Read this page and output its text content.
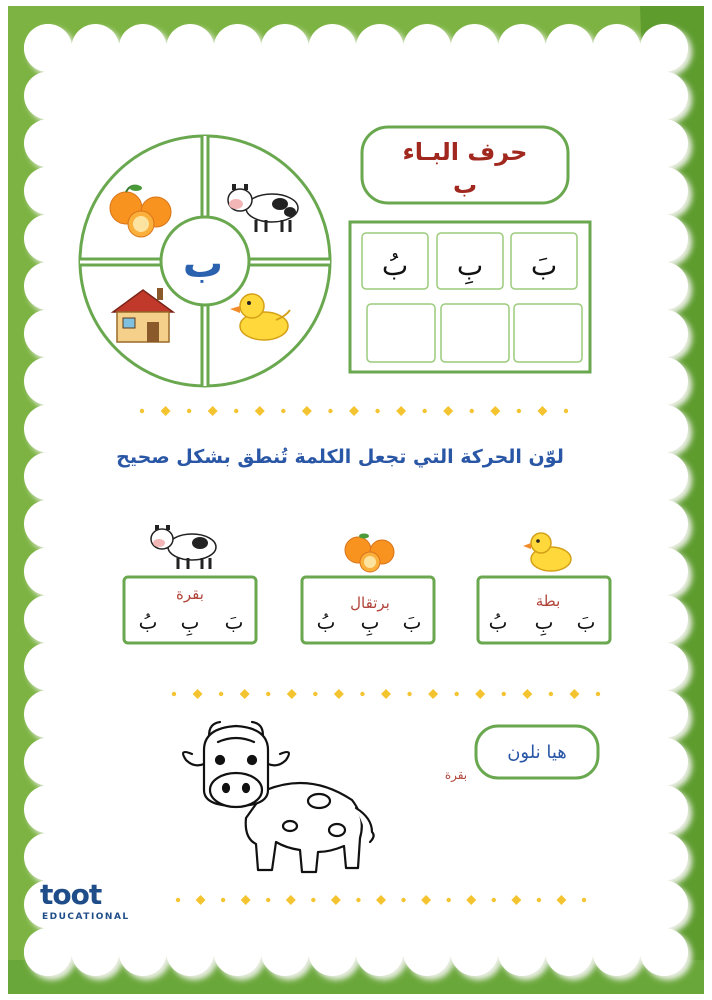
حرف البـاء
ب
بُ بِ بَ
ب
لوّن الحركة التي تجعل الكلمة تُنطق بشكل صحيح
بقرة
بُ بِ بَ
برتقال
بُ بِ بَ
بطة
بُ بِ بَ
هيا نلون
بقرة
toot
EDUCATIONAL
